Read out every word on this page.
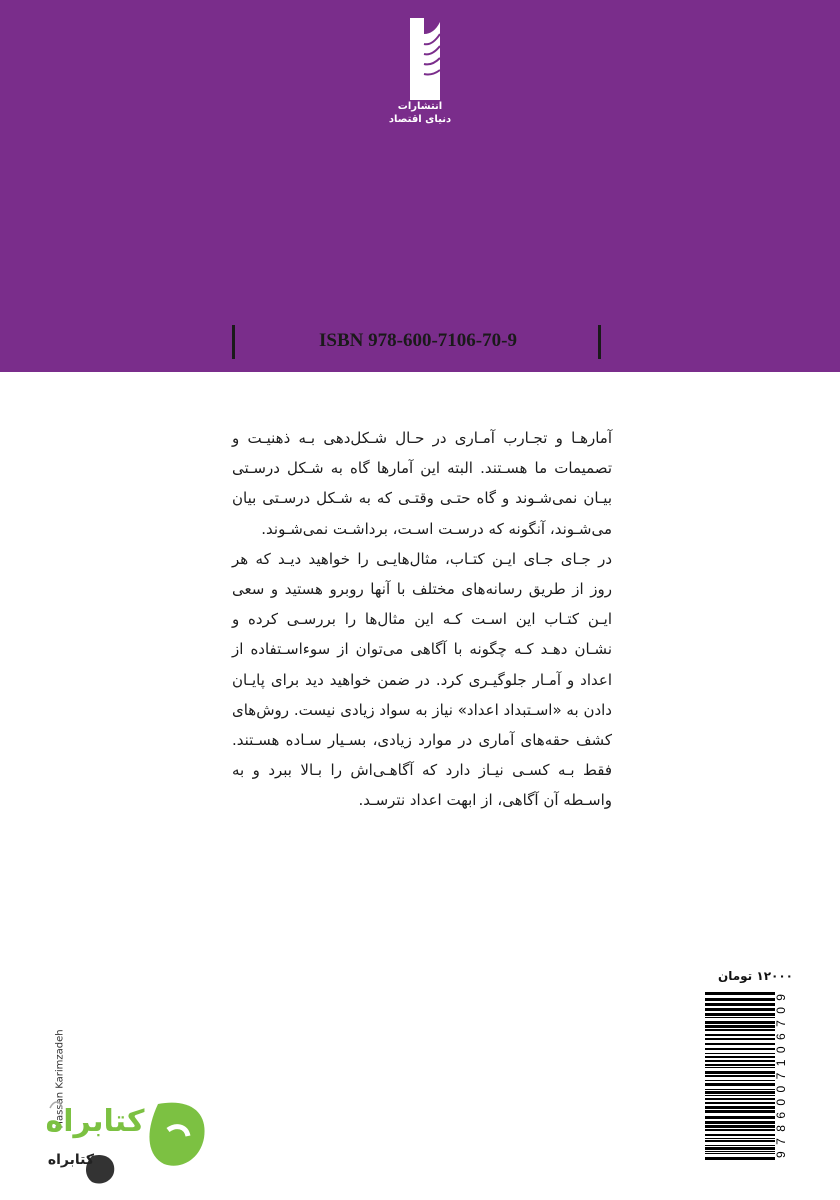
انتشارات
دنیای اقتصاد
ISBN 978-600-7106-70-9

آمارهـا و تجـارب آمـاری در حـال شـکل‌دهی بـه ذهنیـت و تصمیمات ما هسـتند. البته این آمارها گاه به شـکل درسـتی بیـان نمی‌شـوند و گاه حتـی وقتـی که به شـکل درسـتی بیان می‌شـوند، آنگونه که درسـت اسـت، برداشـت نمی‌شـوند.

در جـای جـای ایـن کتـاب، مثال‌هایـی را خواهید دیـد که هر روز از طریق رسانه‌های مختلف با آنها روبرو هستید و سعی ایـن کتـاب این اسـت کـه این مثال‌ها را بررسـی کرده و نشـان دهـد کـه چگونه با آگاهی می‌توان از سوءاسـتفاده از اعداد و آمـار جلوگیـری کرد. در ضمن خواهید دید برای پایـان دادن به «اسـتبداد اعداد» نیاز به سواد زیادی نیست. روش‌های کشف حقه‌های آماری در موارد زیادی، بسـیار سـاده هسـتند. فقط بـه کسـی نیـاز دارد که آگاهـی‌اش را بـالا ببرد و به واسـطه آن آگاهی، از ابهت اعداد نترسـد.

۱۲۰۰۰ تومان
9786007106709
Hassan Karimzadeh
کتابراه
کتابراه
